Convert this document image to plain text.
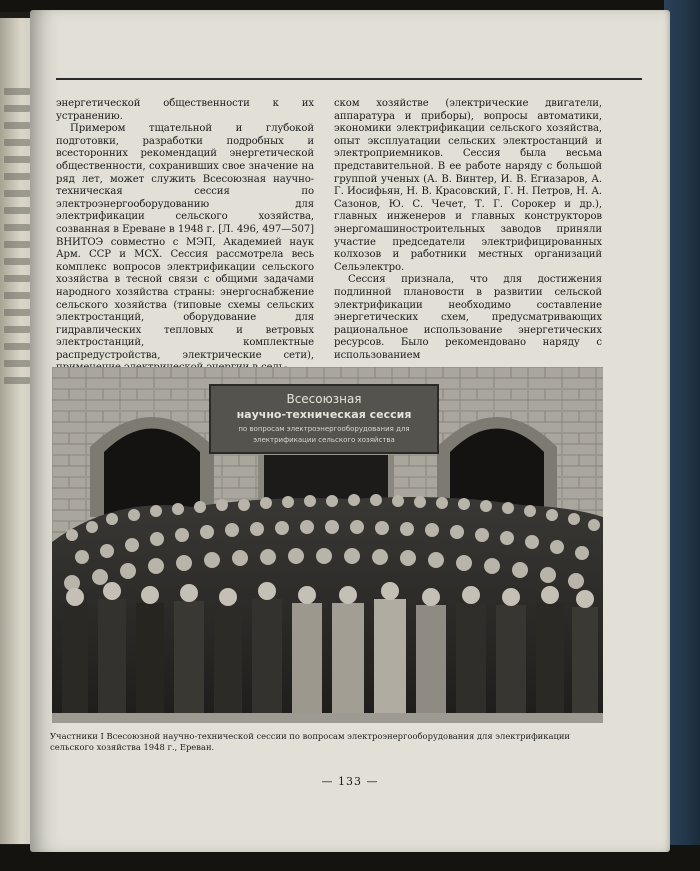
энергетической общественности к их устранению.

Примером тщательной и глубокой подготовки, разработки подробных и всесторонних рекомендаций энергетической общественности, сохранивших свое значение на ряд лет, может служить Всесоюзная научно-техническая сессия по электроэнергооборудованию для электрификации сельского хозяйства, созванная в Ереване в 1948 г. [Л. 496, 497—507] ВНИТОЭ совместно с МЭП, Академией наук Арм. ССР и МСХ. Сессия рассмотрела весь комплекс вопросов электрификации сельского хозяйства в тесной связи с общими задачами народного хозяйства страны: энергоснабжение сельского хозяйства (типовые схемы сельских электростанций, оборудование для гидравлических тепловых и ветровых электростанций, комплектные распредустройства, электрические сети),

ском хозяйстве (электрические двигатели, аппаратура и приборы), вопросы автоматики, экономики электрификации сельского хозяйства, опыт эксплуатации сельских электростанций и электроприемников. Сессия была весьма представительной. В ее работе наряду с большой группой ученых (А. В. Винтер, И. В. Егиазаров, А. Г. Иосифьян, Н. В. Красовский, Г. Н. Петров, Н. А. Сазонов, Ю. С. Чечет, Т. Г. Сорокер и др.), главных инженеров и главных конструкторов энергомашиностроительных заводов приняли участие председатели электрифицированных колхозов и работники местных организаций Сельэлектро.

Сессия признала, что для достижения подлинной плановости в развитии сельской электрификации необходимо составление энергетических схем, предусматривающих рациональное использование энергетических ресурсов. Было рекомендовано наряду с использованием

Всесоюзная
научно-техническая сессия
по вопросам электроэнергооборудования для
электрификации сельского хозяйства
Участники I Всесоюзной научно-технической сессии по вопросам электроэнергооборудования для электрификации сельского хозяйства 1948 г., Ереван.
— 133 —
